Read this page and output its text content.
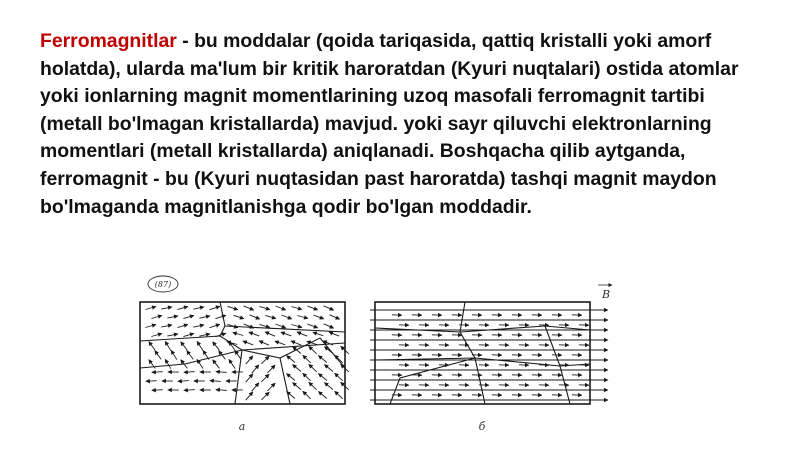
Ferromagnitlar - bu moddalar (qoida tariqasida, qattiq kristalli yoki amorf holatda), ularda ma'lum bir kritik haroratdan (Kyuri nuqtalari) ostida atomlar yoki ionlarning magnit momentlarining uzoq masofali ferromagnit tartibi (metall bo'lmagan kristallarda) mavjud. yoki sayr qiluvchi elektronlarning momentlari (metall kristallarda) aniqlanadi. Boshqacha qilib aytganda, ferromagnit - bu (Kyuri nuqtasidan past haroratda) tashqi magnit maydon bo'lmaganda magnitlanishga qodir bo'lgan moddadir.
(87)
B
a	б
